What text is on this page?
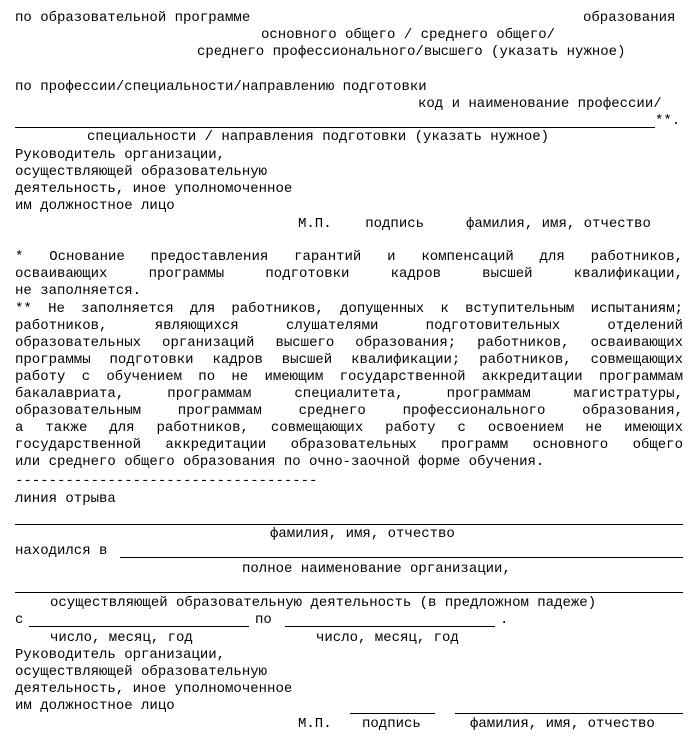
по образовательной программе	образования
основного общего / среднего общего/
среднего профессионального/высшего (указать нужное)
по профессии/специальности/направлению подготовки
код и наименование профессии/
**.
специальности / направления подготовки (указать нужное)
Руководитель организации,
осуществляющей образовательную
деятельность, иное уполномоченное
им должностное лицо
М.П.    подпись     фамилия, имя, отчество
* Основание предоставления гарантий и компенсаций для работников,
осваивающих программы подготовки кадров высшей квалификации,
не заполняется.
** Не заполняется для работников, допущенных к вступительным испытаниям;
работников, являющихся слушателями подготовительных отделений
образовательных организаций высшего образования; работников, осваивающих
программы подготовки кадров высшей квалификации; работников, совмещающих
работу с обучением по не имеющим государственной аккредитации программам
бакалавриата, программам специалитета, программам магистратуры,
образовательным программам среднего профессионального образования,
а также для работников, совмещающих работу с освоением не имеющих
государственной аккредитации образовательных программ основного общего
или среднего общего образования по очно-заочной форме обучения.
------------------------------------
линия отрыва
фамилия, имя, отчество
находился в
полное наименование организации,
осуществляющей образовательную деятельность (в предложном падеже)
с	по	.
число, месяц, год	число, месяц, год
Руководитель организации,
осуществляющей образовательную
деятельность, иное уполномоченное
им должностное лицо
М.П. подпись	фамилия, имя, отчество
